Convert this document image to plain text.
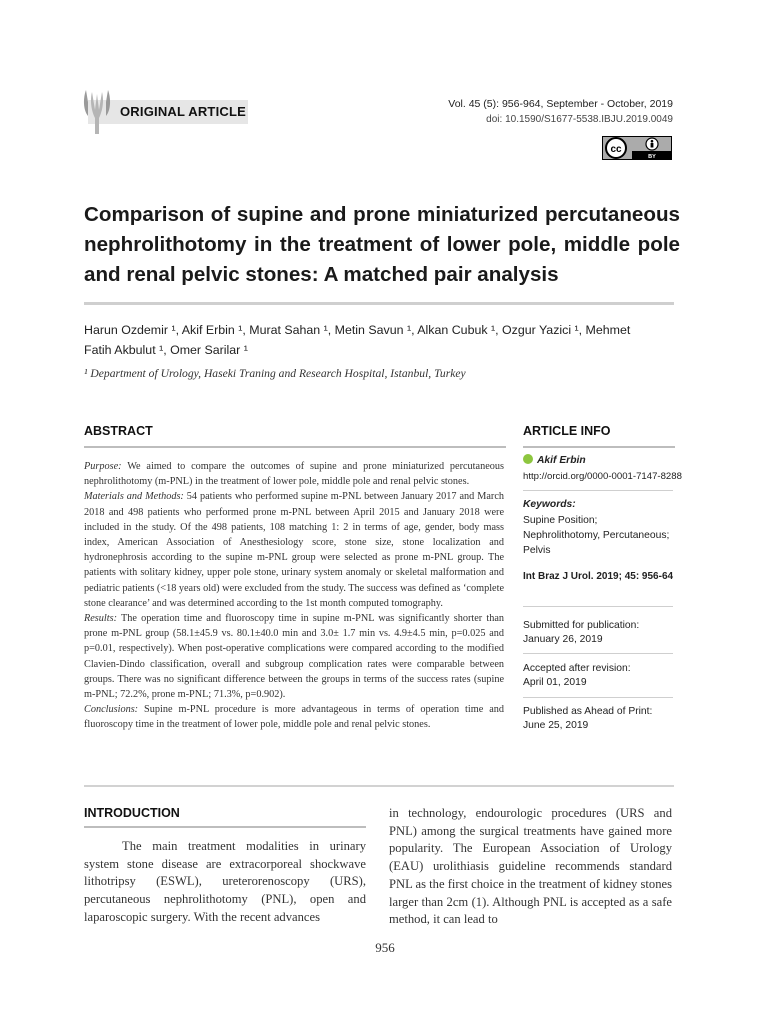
ORIGINAL ARTICLE	Vol. 45 (5): 956-964, September - October, 2019
doi: 10.1590/S1677-5538.IBJU.2019.0049
cc
BY
Comparison of supine and prone miniaturized percutaneous nephrolithotomy in the treatment of lower pole, middle pole and renal pelvic stones: A matched pair analysis
Harun Ozdemir ¹, Akif Erbin ¹, Murat Sahan ¹, Metin Savun ¹, Alkan Cubuk ¹, Ozgur Yazici ¹, Mehmet
Fatih Akbulut ¹, Omer Sarilar ¹
¹ Department of Urology, Haseki Traning and Research Hospital, Istanbul, Turkey
ABSTRACT	ARTICLE INFO

Purpose: We aimed to compare the outcomes of supine and prone miniaturized percutaneous nephrolithotomy (m-PNL) in the treatment of lower pole, middle pole and renal pelvic stones.

Materials and Methods: 54 patients who performed supine m-PNL between January 2017 and March 2018 and 498 patients who performed prone m-PNL between April 2015 and January 2018 were included in the study. Of the 498 patients, 108 matching 1: 2 in terms of age, gender, body mass index, American Association of Anesthesiology score, stone size, stone localization and hydronephrosis according to the supine m-PNL group were selected as prone m-PNL group. The patients with solitary kidney, upper pole stone, urinary system anomaly or skeletal malformation and pediatric patients (<18 years old) were excluded from the study. The success was defined as ‘complete stone clearance’ and was determined according to the 1st month computed tomography.

Results: The operation time and fluoroscopy time in supine m-PNL was significantly shorter than prone m-PNL group (58.1±45.9 vs. 80.1±40.0 min and 3.0± 1.7 min vs. 4.9±4.5 min, p=0.025 and p=0.01, respectively). When post-operative complications were compared according to the modified Clavien-Dindo classification, overall and subgroup complication rates were comparable between groups. There was no significant difference between the groups in terms of the success rates (supine m-PNL; 72.2%, prone m-PNL; 71.3%, p=0.902).

Conclusions: Supine m-PNL procedure is more advantageous in terms of operation time and fluoroscopy time in the treatment of lower pole, middle pole and renal pelvic stones.

Akif Erbin
http://orcid.org/0000-0001-7147-8288
Keywords:
Supine Position;
Nephrolithotomy, Percutaneous;
Pelvis
Int Braz J Urol. 2019; 45: 956-64
Submitted for publication:
January 26, 2019
Accepted after revision:
April 01, 2019
Published as Ahead of Print:
June 25, 2019
INTRODUCTION

The main treatment modalities in urinary system stone disease are extracorporeal shockwave lithotripsy (ESWL), ureterorenoscopy (URS), percutaneous nephrolithotomy (PNL), open and laparoscopic surgery. With the recent advances

in technology, endourologic procedures (URS and PNL) among the surgical treatments have gained more popularity. The European Association of Urology (EAU) urolithiasis guideline recommends standard PNL as the first choice in the treatment of kidney stones larger than 2cm (1). Although PNL is accepted as a safe method, it can lead to

956
